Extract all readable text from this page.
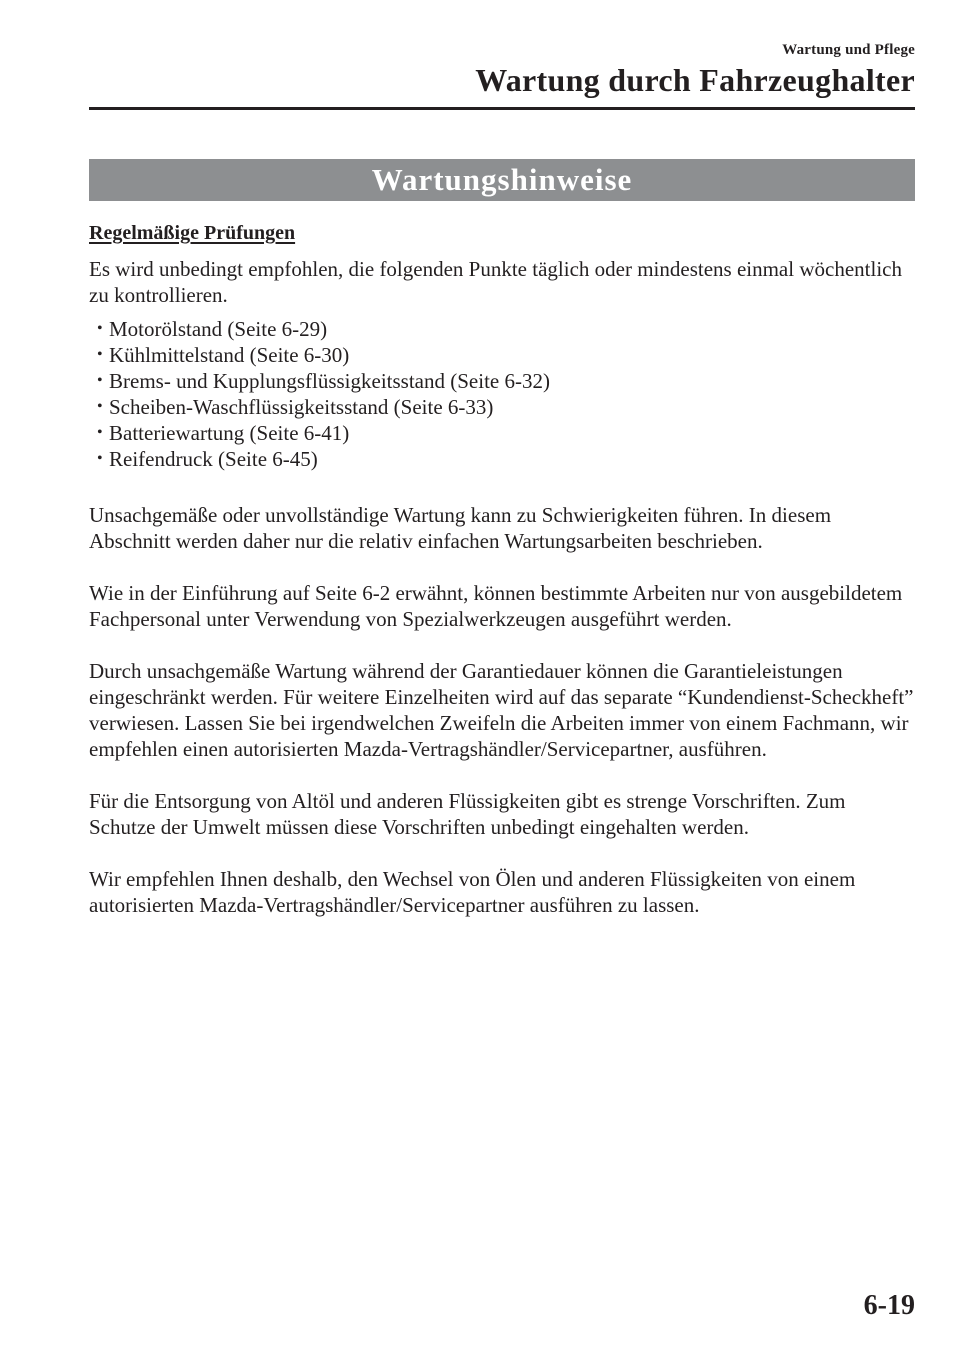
Wartung und Pflege

Wartung durch Fahrzeughalter
Wartungshinweise
Regelmäßige Prüfungen

Es wird unbedingt empfohlen, die folgenden Punkte täglich oder mindestens einmal wöchentlich zu kontrollieren.

• Motorölstand (Seite 6-29)
• Kühlmittelstand (Seite 6-30)
• Brems- und Kupplungsflüssigkeitsstand (Seite 6-32)
• Scheiben-Waschflüssigkeitsstand (Seite 6-33)
• Batteriewartung (Seite 6-41)
• Reifendruck (Seite 6-45)

Unsachgemäße oder unvollständige Wartung kann zu Schwierigkeiten führen. In diesem Abschnitt werden daher nur die relativ einfachen Wartungsarbeiten beschrieben.

Wie in der Einführung auf Seite 6-2 erwähnt, können bestimmte Arbeiten nur von ausgebildetem Fachpersonal unter Verwendung von Spezialwerkzeugen ausgeführt werden.

Durch unsachgemäße Wartung während der Garantiedauer können die Garantieleistungen eingeschränkt werden. Für weitere Einzelheiten wird auf das separate “Kundendienst-Scheckheft” verwiesen. Lassen Sie bei irgendwelchen Zweifeln die Arbeiten immer von einem Fachmann, wir empfehlen einen autorisierten Mazda-Vertragshändler/Servicepartner, ausführen.

Für die Entsorgung von Altöl und anderen Flüssigkeiten gibt es strenge Vorschriften. Zum Schutze der Umwelt müssen diese Vorschriften unbedingt eingehalten werden.

Wir empfehlen Ihnen deshalb, den Wechsel von Ölen und anderen Flüssigkeiten von einem autorisierten Mazda-Vertragshändler/Servicepartner ausführen zu lassen.

6-19
